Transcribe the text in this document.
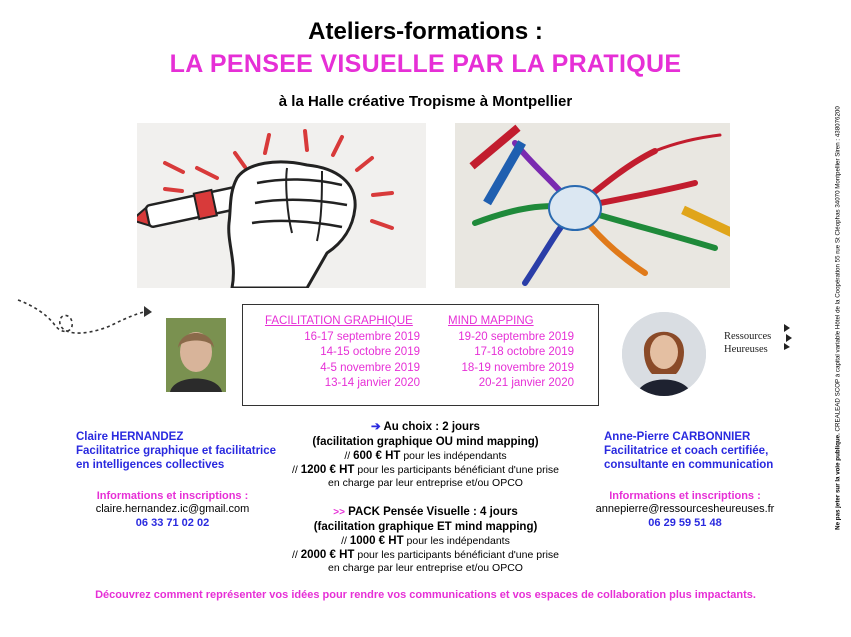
Ateliers-formations :
LA PENSEE VISUELLE PAR LA PRATIQUE
à la Halle créative Tropisme à Montpellier
FACILITATION GRAPHIQUE
16-17 septembre 2019
14-15 octobre 2019
4-5 novembre 2019
13-14 janvier 2020
MIND MAPPING
19-20 septembre 2019
17-18 octobre 2019
18-19 novembre 2019
20-21 janvier 2020
Ressources
Heureuses
Claire HERNANDEZ
Facilitatrice graphique et facilitatrice
en intelligences collectives
Informations et inscriptions :
claire.hernandez.ic@gmail.com
06 33 71 02 02
Anne-Pierre CARBONNIER
Facilitatrice et coach certifiée,
consultante en communication
Informations et inscriptions :
annepierre@ressourcesheureuses.fr
06 29 59 51 48
➔ Au choix : 2 jours
(facilitation graphique OU mind mapping)
// 600 € HT pour les indépendants
// 1200 € HT pour les participants bénéficiant d'une prise
en charge par leur entreprise et/ou OPCO
>> PACK Pensée Visuelle : 4 jours
(facilitation graphique ET mind mapping)
// 1000 € HT pour les indépendants
// 2000 € HT pour les participants bénéficiant d'une prise
en charge par leur entreprise et/ou OPCO
Découvrez comment représenter vos idées pour rendre vos communications et vos espaces de collaboration plus impactants.
Ne pas jeter sur la voie publique. CREALEAD SCOP à capital variable Hôtel de la Coopération 55 rue St Cléophas 34070 Montpellier Siren : 438076200
